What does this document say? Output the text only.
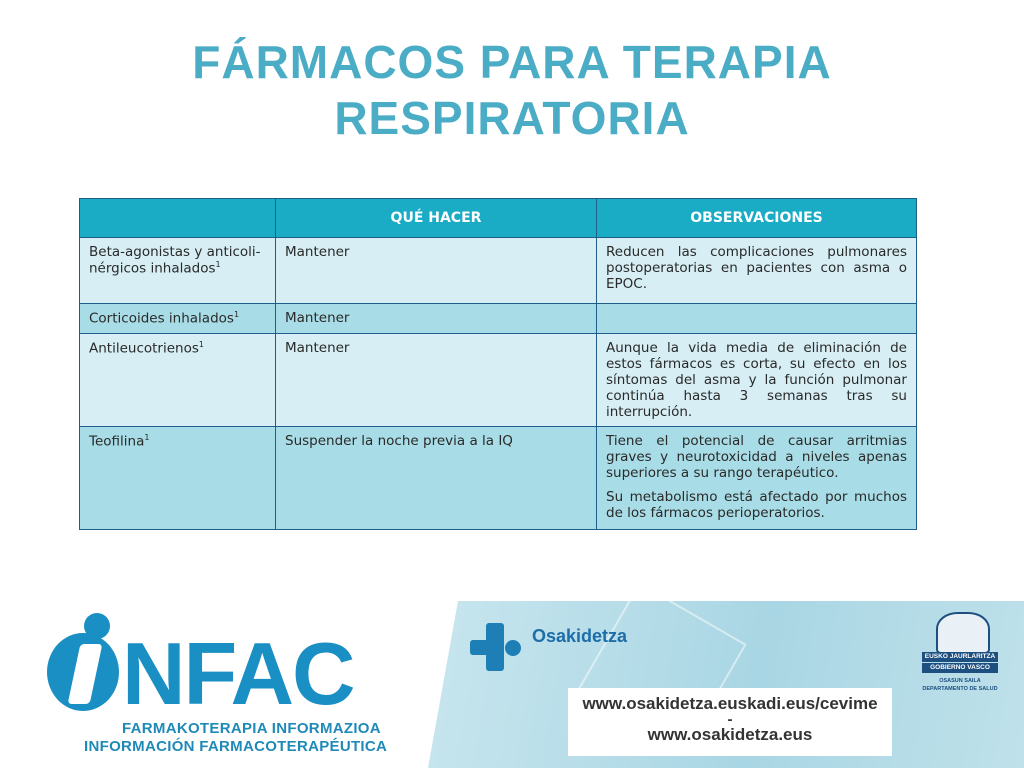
FÁRMACOS PARA TERAPIA
RESPIRATORIA
	QUÉ HACER	OBSERVACIONES
Beta-agonistas y anticoli-nérgicos inhalados$^1$	Mantener	Reducen las complicaciones pulmonares postoperatorias en pacientes con asma o EPOC.

Corticoides inhalados$^1$	Mantener	
Antileucotrienos$^1$	Mantener	Aunque la vida media de eliminación de estos fármacos es corta, su efecto en los síntomas del asma y la función pulmonar continúa hasta 3 semanas tras su interrupción.

Teofilina$^1$	Suspender la noche previa a la IQ	Tiene el potencial de causar arritmias graves y neurotoxicidad a niveles apenas superiores a su rango terapéutico.

Su metabolismo está afectado por muchos de los fármacos perioperatorios.

NFAC
FARMAKOTERAPIA INFORMAZIOA
INFORMACIÓN FARMACOTERAPÉUTICA
Osakidetza
www.osakidetza.euskadi.eus/cevime
-
www.osakidetza.eus
EUSKO JAURLARITZA
GOBIERNO VASCO
OSASUN SAILA
DEPARTAMENTO DE SALUD
